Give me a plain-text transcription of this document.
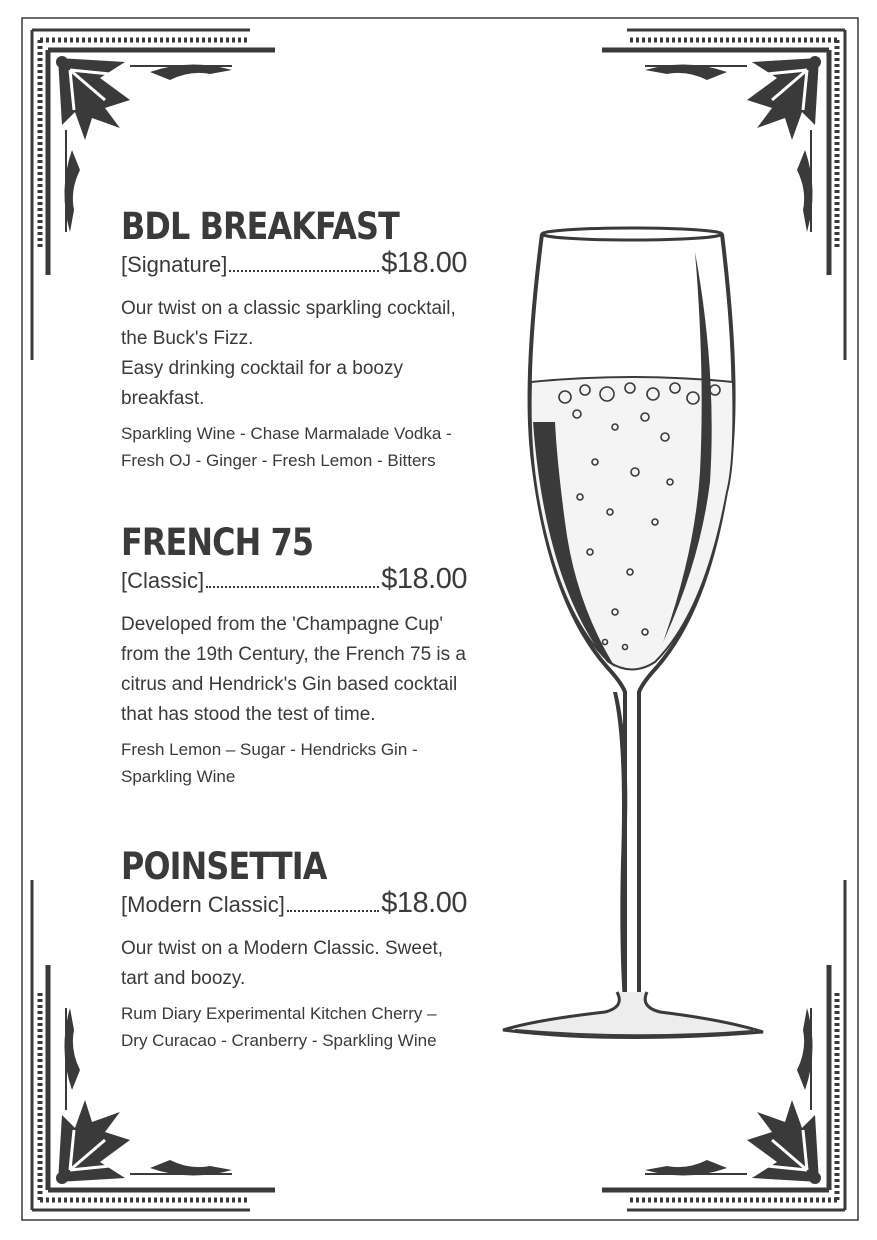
BDL BREAKFAST
[Signature]	$18.00

Our twist on a classic sparkling cocktail, the Buck's Fizz.

Easy drinking cocktail for a boozy breakfast.

Sparkling Wine - Chase Marmalade Vodka - Fresh OJ - Ginger - Fresh Lemon - Bitters
FRENCH 75
[Classic]	$18.00

Developed from the 'Champagne Cup' from the 19th Century, the French 75 is a citrus and Hendrick's Gin based cocktail that has stood the test of time.

Fresh Lemon – Sugar - Hendricks Gin - Sparkling Wine
POINSETTIA
[Modern Classic]	$18.00

Our twist on a Modern Classic. Sweet, tart and boozy.

Rum Diary Experimental Kitchen Cherry – Dry Curacao - Cranberry - Sparkling Wine
